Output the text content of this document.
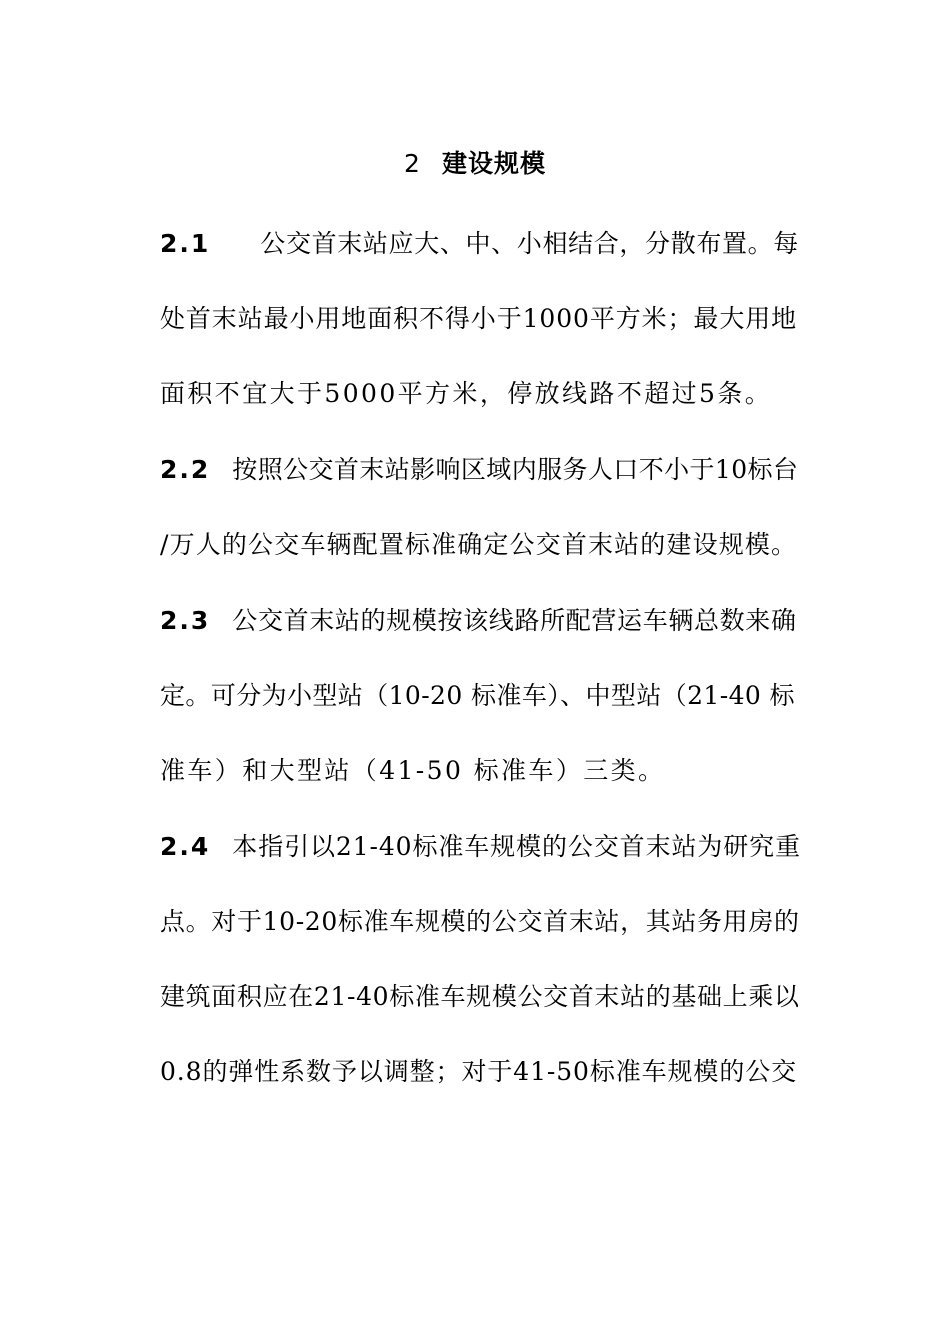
2 建设规模
2.1 公交首末站应大、中、小相结合，分散布置。每
处首末站最小用地面积不得小于1000平方米；最大用地
面积不宜大于5000平方米，停放线路不超过5条。
2.2 按照公交首末站影响区域内服务人口不小于10标台
/万人的公交车辆配置标准确定公交首末站的建设规模。
2.3 公交首末站的规模按该线路所配营运车辆总数来确
定。可分为小型站（10-20 标准车）、中型站（21-40 标
准车）和大型站（41-50 标准车）三类。
2.4 本指引以21-40标准车规模的公交首末站为研究重
点。对于10-20标准车规模的公交首末站，其站务用房的
建筑面积应在21-40标准车规模公交首末站的基础上乘以
0.8的弹性系数予以调整；对于41-50标准车规模的公交
